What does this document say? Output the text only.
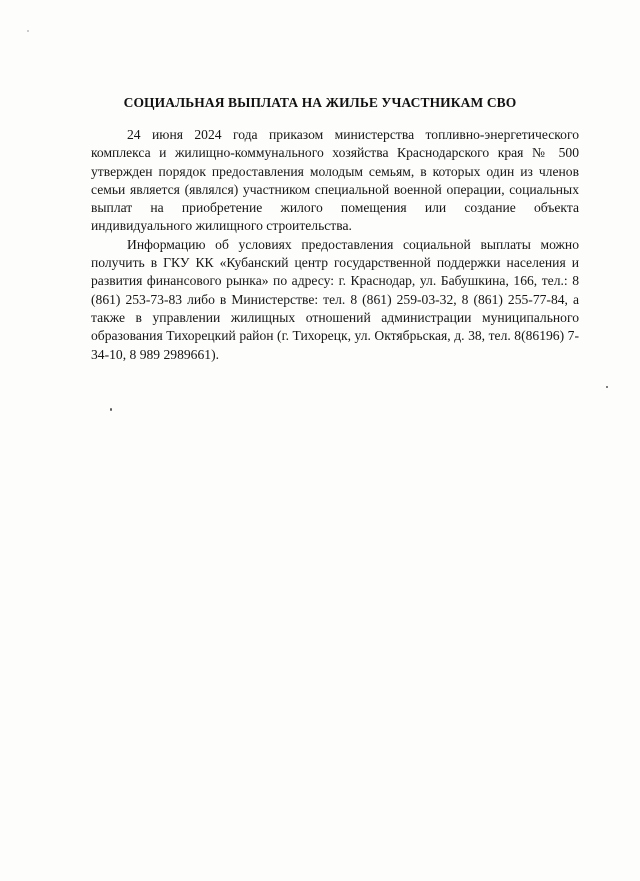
СОЦИАЛЬНАЯ ВЫПЛАТА НА ЖИЛЬЕ УЧАСТНИКАМ СВО

24 июня 2024 года приказом министерства топливно-энергетического комплекса и жилищно-коммунального хозяйства Краснодарского края № 500 утвержден порядок предоставления молодым семьям, в которых один из членов семьи является (являлся) участником специальной военной операции, социальных выплат на приобретение жилого помещения или создание объекта индивидуального жилищного строительства.

Информацию об условиях предоставления социальной выплаты можно получить в ГКУ КК «Кубанский центр государственной поддержки населения и развития финансового рынка» по адресу: г. Краснодар, ул. Бабушкина, 166, тел.: 8 (861) 253-73-83 либо в Министерстве: тел. 8 (861) 259-03-32, 8 (861) 255-77-84, а также в управлении жилищных отношений администрации муниципального образования Тихорецкий район (г. Тихорецк, ул. Октябрьская, д. 38, тел. 8(86196) 7-34-10, 8 989 2989661).
